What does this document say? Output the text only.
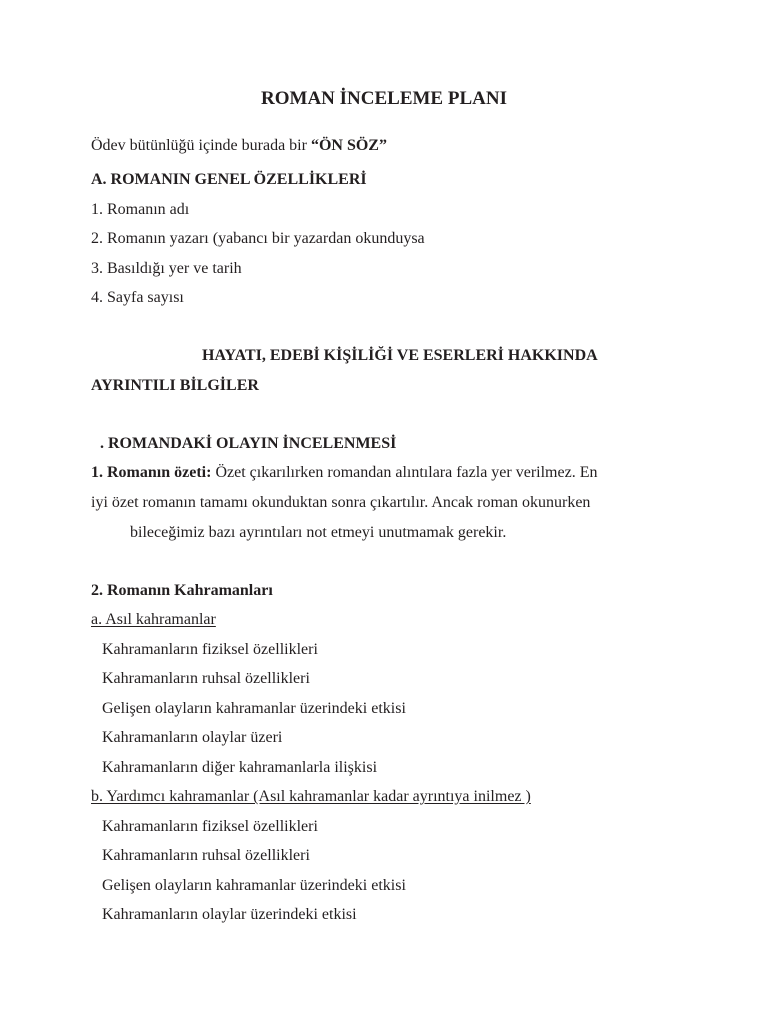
ROMAN İNCELEME PLANI
Ödev bütünlüğü içinde burada bir “ÖN SÖZ”
A. ROMANIN GENEL ÖZELLİKLERİ
1. Romanın adı
2. Romanın yazarı (yabancı bir yazardan okunduysa
3. Basıldığı yer ve tarih
4. Sayfa sayısı
HAYATI, EDEBİ KİŞİLİĞİ VE ESERLERİ HAKKINDA
AYRINTILI BİLGİLER
. ROMANDAKİ OLAYIN İNCELENMESİ
1. Romanın özeti: Özet çıkarılırken romandan alıntılara fazla yer verilmez. En
iyi özet romanın tamamı okunduktan sonra çıkartılır. Ancak roman okunurken
bileceğimiz bazı ayrıntıları not etmeyi unutmamak gerekir.
2. Romanın Kahramanları
a. Asıl kahramanlar
Kahramanların fiziksel özellikleri
Kahramanların ruhsal özellikleri
Gelişen olayların kahramanlar üzerindeki etkisi
Kahramanların olaylar üzeri
Kahramanların diğer kahramanlarla ilişkisi
b. Yardımcı kahramanlar (Asıl kahramanlar kadar ayrıntıya inilmez )
Kahramanların fiziksel özellikleri
Kahramanların ruhsal özellikleri
Gelişen olayların kahramanlar üzerindeki etkisi
Kahramanların olaylar üzerindeki etkisi
